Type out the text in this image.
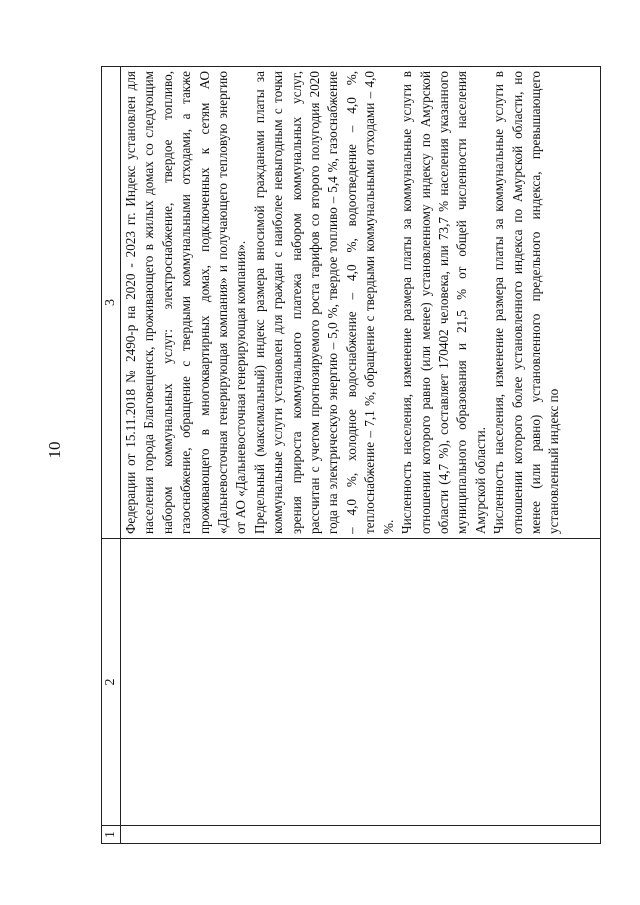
10
1
2
3 Федерации от 15.11.2018 № 2490-р на 2020 - 2023 гг. Индекс установлен для населения города Благовещенск, проживающего в жилых домах со следующим набором коммунальных услуг: электроснабжение, твердое топливо, газоснабжение, обращение с твердыми коммунальными отходами, а также проживающего в многоквартирных домах, подключенных к сетям АО «Дальневосточная генерирующая компания» и получающего тепловую энергию от АО «Дальневосточная генерирующая компания». Предельный (максимальный) индекс размера вносимой гражданами платы за коммунальные услуги установлен для граждан с наиболее невыгодным с точки зрения прироста коммунального платежа набором коммунальных услуг, рассчитан с учетом прогнозируемого роста тарифов со второго полугодия 2020 года на электрическую энергию – 5,0 %, твердое топливо – 5,4 %, газоснабжение – 4,0 %, холодное водоснабжение – 4,0 %, водоотведение – 4,0 %, теплоснабжение – 7,1 %, обращение с твердыми коммунальными отходами – 4,0 %. Численность населения, изменение размера платы за коммунальные услуги в отношении которого равно (или менее) установленному индексу по Амурской области (4,7 %), составляет 170402 человека, или 73,7 % населения указанного муниципального образования и 21,5 % от общей численности населения Амурской области. Численность населения, изменение размера платы за коммунальные услуги в отношении которого более установленного индекса по Амурской области, но менее (или равно) установленного предельного индекса, превышающего установленный индекс по
